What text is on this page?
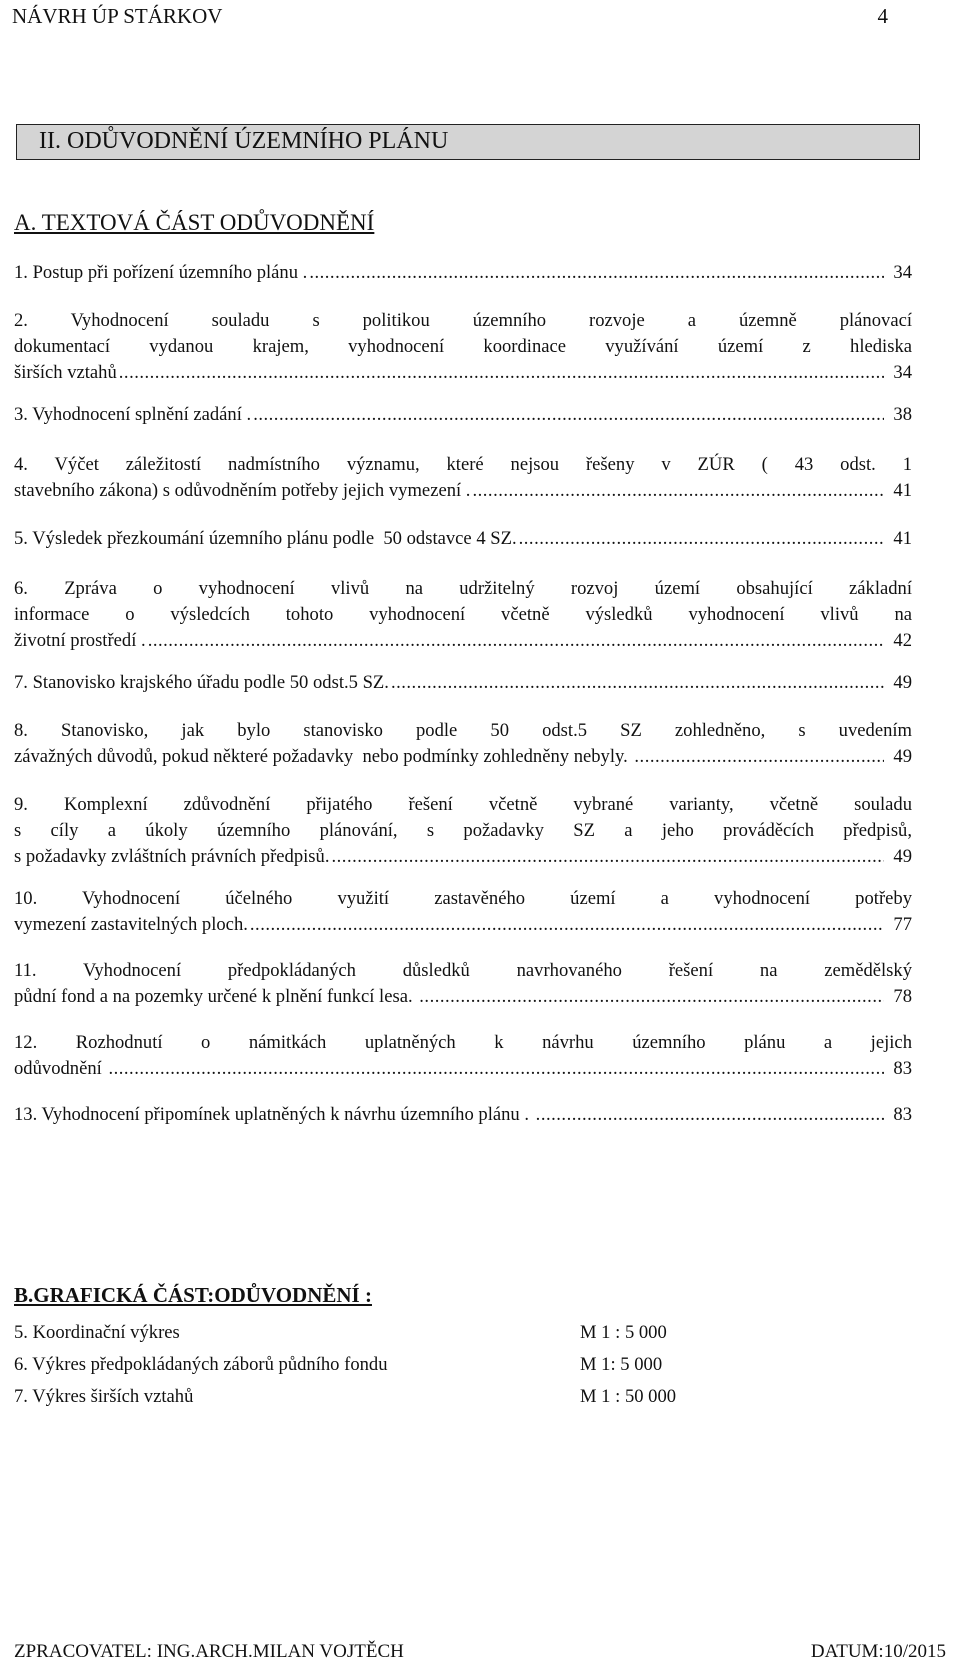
NÁVRH ÚP STÁRKOV	4
II. ODŮVODNĚNÍ ÚZEMNÍHO PLÁNU
A. TEXTOVÁ ČÁST ODŮVODNĚNÍ
1. Postup při pořízení územního plánu . .....	34
2. Vyhodnocení souladu s politikou územního rozvoje a územně plánovací
dokumentací vydanou krajem, vyhodnocení koordinace využívání území z hlediska
širších vztahů .....	34
3. Vyhodnocení splnění zadání . .....	38
4. Výčet záležitostí nadmístního významu, které nejsou řešeny v ZÚR ( 43 odst. 1
stavebního zákona) s odůvodněním potřeby jejich vymezení . .....	41
5. Výsledek přezkoumání územního plánu podle  50 odstavce 4 SZ. .....	41
6. Zpráva o vyhodnocení vlivů na udržitelný rozvoj území obsahující základní
informace o výsledcích tohoto vyhodnocení včetně výsledků vyhodnocení vlivů na
životní prostředí . .....	42
7. Stanovisko krajského úřadu podle 50 odst.5 SZ. .....	49
8. Stanovisko, jak bylo stanovisko podle 50 odst.5 SZ zohledněno, s uvedením
závažných důvodů, pokud některé požadavky  nebo podmínky zohledněny nebyly. .....	49
9. Komplexní zdůvodnění přijatého řešení včetně vybrané varianty, včetně souladu
s cíly a úkoly územního plánování, s požadavky SZ a jeho prováděcích předpisů,
s požadavky zvláštních právních předpisů. .....	49
10. Vyhodnocení účelného využití zastavěného území a vyhodnocení potřeby
vymezení zastavitelných ploch. .....	77
11. Vyhodnocení předpokládaných důsledků navrhovaného řešení na zemědělský
půdní fond a na pozemky určené k plnění funkcí lesa. .....	78
12. Rozhodnutí o námitkách uplatněných k návrhu územního plánu a jejich
odůvodnění .....	83
13. Vyhodnocení připomínek uplatněných k návrhu územního plánu . .....	83
B.GRAFICKÁ ČÁST:ODŮVODNĚNÍ :
5. Koordinační výkres	M 1 : 5 000
6. Výkres předpokládaných záborů půdního fondu	M 1: 5 000
7. Výkres širších vztahů	M 1 : 50 000
ZPRACOVATEL: ING.ARCH.MILAN VOJTĚCH	DATUM:10/2015
